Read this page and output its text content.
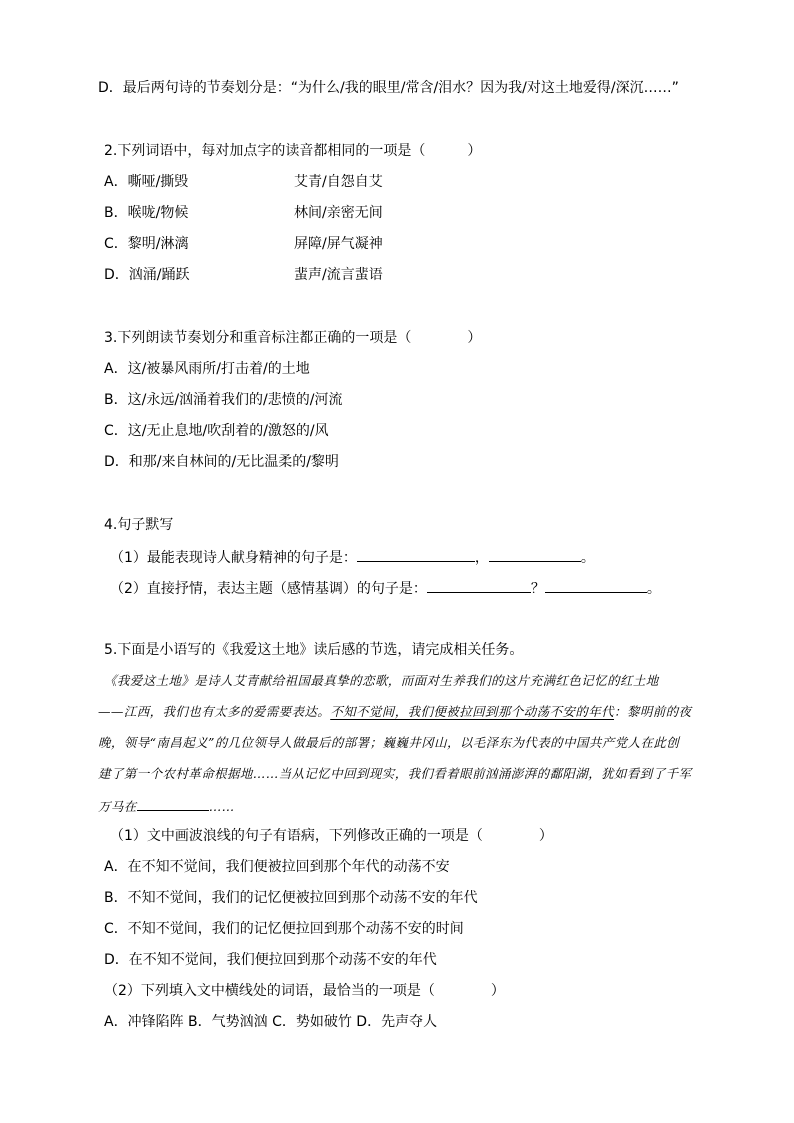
D．最后两句诗的节奏划分是：“为什么/我的眼里/常含/泪水？因为我/对这土地爱得/深沉……”
2.下列词语中，每对加点字的读音都相同的一项是（　　　）
A．嘶哑/撕毁	艾青/自怨自艾
B．喉咙/物候	林间/亲密无间
C．黎明/淋漓	屏障/屏气凝神
D．汹涌/踊跃	蜚声/流言蜚语
3.下列朗读节奏划分和重音标注都正确的一项是（　　　　）
A．这/被暴风雨所/打击着/的土地
B．这/永远/汹涌着我们的/悲愤的/河流
C．这/无止息地/吹刮着的/激怒的/风
D．和那/来自林间的/无比温柔的/黎明
4.句子默写
（1）最能表现诗人献身精神的句子是：	，	。
（2）直接抒情，表达主题（感情基调）的句子是：	？	。
5.下面是小语写的《我爱这土地》读后感的节选，请完成相关任务。
《我爱这土地》是诗人艾青献给祖国最真挚的恋歌，而面对生养我们的这片充满红色记忆的红土地
——江西，我们也有太多的爱需要表达。不知不觉间，我们便被拉回到那个动荡不安的年代：黎明前的夜
晚，领导“南昌起义”的几位领导人做最后的部署；巍巍井冈山，以毛泽东为代表的中国共产党人在此创
建了第一个农村革命根据地……当从记忆中回到现实，我们看着眼前汹涌澎湃的鄱阳湖，犹如看到了千军
万马在	……
（1）文中画波浪线的句子有语病，下列修改正确的一项是（　　　　）
A．在不知不觉间，我们便被拉回到那个年代的动荡不安
B．不知不觉间，我们的记忆便被拉回到那个动荡不安的年代
C．不知不觉间，我们的记忆便拉回到那个动荡不安的时间
D．在不知不觉间，我们便拉回到那个动荡不安的年代
（2）下列填入文中横线处的词语，最恰当的一项是（　　　　）
A．冲锋陷阵 B．气势汹汹 C．势如破竹 D．先声夺人
